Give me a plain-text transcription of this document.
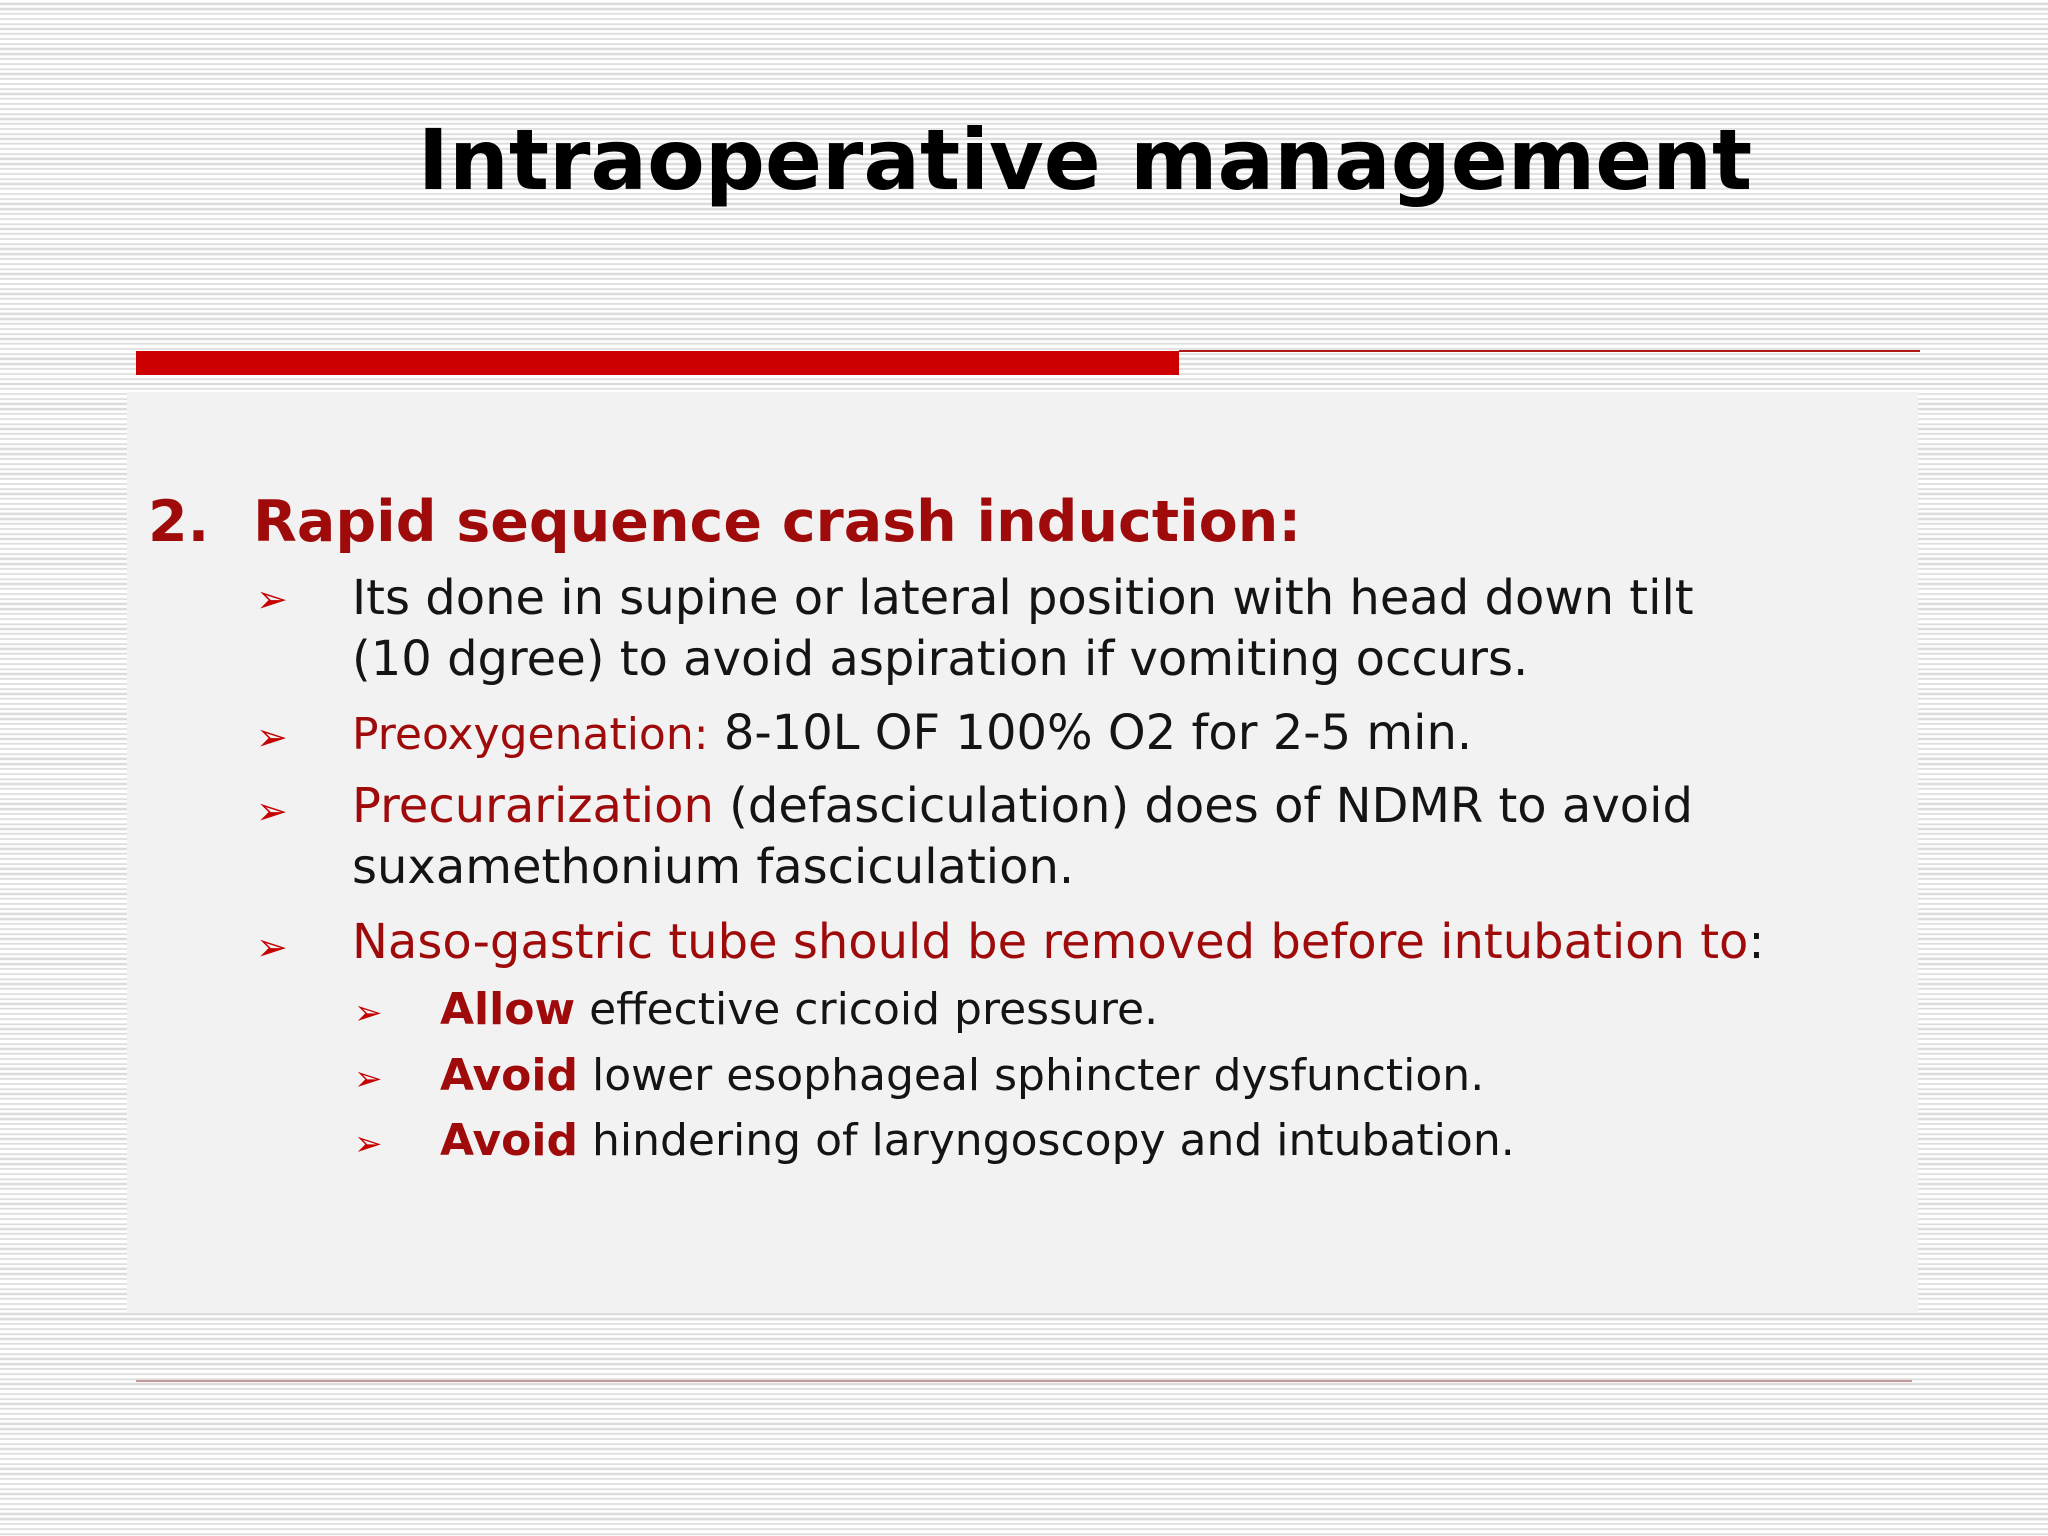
Intraoperative management
2. Rapid sequence crash induction:
➢ Its done in supine or lateral position with head down tilt
(10 dgree) to avoid aspiration if vomiting occurs.
➢ Preoxygenation: 8-10L OF 100% O2 for 2-5 min.
➢ Precurarization (defasciculation) does of NDMR to avoid
suxamethonium fasciculation.
➢ Naso-gastric tube should be removed before intubation to:
➢ Allow effective cricoid pressure.
➢ Avoid lower esophageal sphincter dysfunction.
➢ Avoid hindering of laryngoscopy and intubation.
